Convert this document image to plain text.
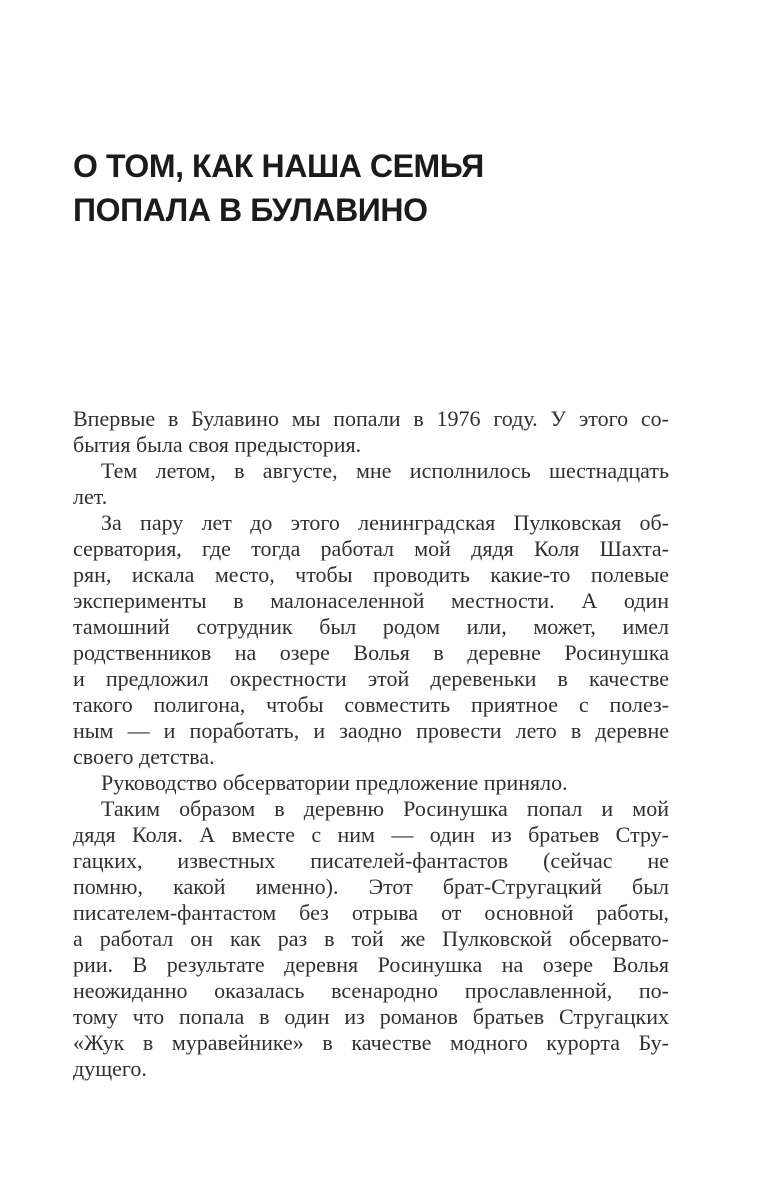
О ТОМ, КАК НАША СЕМЬЯ
ПОПАЛА В БУЛАВИНО
Впервые в Булавино мы попали в 1976 году. У этого со-
бытия была своя предыстория.
Тем летом, в августе, мне исполнилось шестнадцать
лет.
За пару лет до этого ленинградская Пулковская об-
серватория, где тогда работал мой дядя Коля Шахта-
рян, искала место, чтобы проводить какие-то полевые
эксперименты в малонаселенной местности. А один
тамошний сотрудник был родом или, может, имел
родственников на озере Волья в деревне Росинушка
и предложил окрестности этой деревеньки в качестве
такого полигона, чтобы совместить приятное с полез-
ным — и поработать, и заодно провести лето в деревне
своего детства.
Руководство обсерватории предложение приняло.
Таким образом в деревню Росинушка попал и мой
дядя Коля. А вместе с ним — один из братьев Стру-
гацких, известных писателей-фантастов (сейчас не
помню, какой именно). Этот брат-Стругацкий был
писателем-фантастом без отрыва от основной работы,
а работал он как раз в той же Пулковской обсервато-
рии. В результате деревня Росинушка на озере Волья
неожиданно оказалась всенародно прославленной, по-
тому что попала в один из романов братьев Стругацких
«Жук в муравейнике» в качестве модного курорта Бу-
дущего.
